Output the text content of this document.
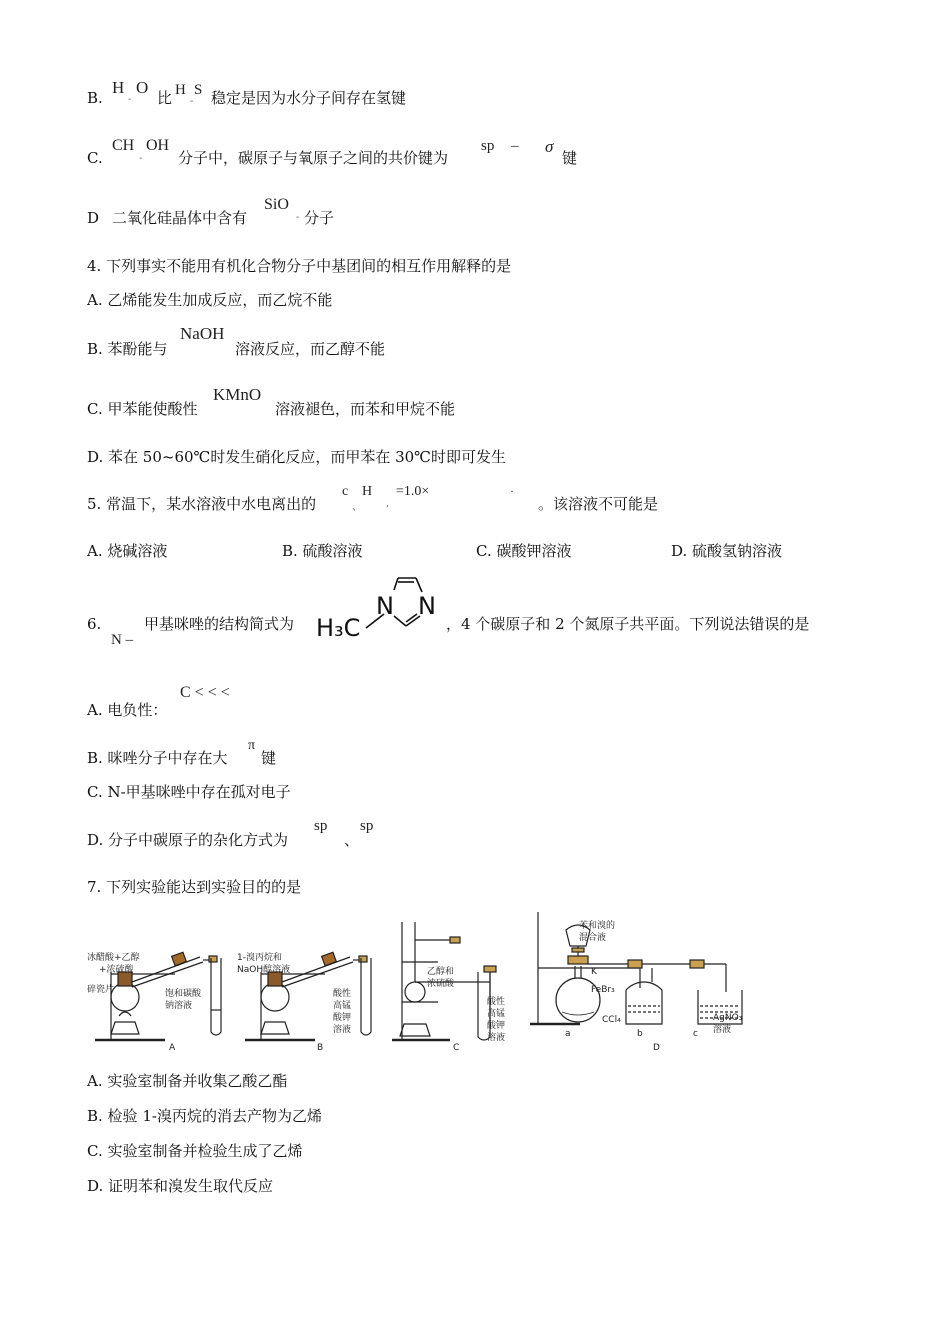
B.
H
-
O
比 H S
- 稳定是因为水分子间存在氢键
C.
CH
-
OH
分子中，碳原子与氧原子之间的共价键为
sp – σ
键
D 二氧化硅晶体中含有
SiO
- 分子
4. 下列事实不能用有机化合物分子中基团间的相互作用解释的是
A. 乙烯能发生加成反应，而乙烷不能
B. 苯酚能与
NaOH
溶液反应，而乙醇不能
C. 甲苯能使酸性
KMnO
溶液褪色，而苯和甲烷不能
D. 苯在 50~60℃时发生硝化反应，而甲苯在 30℃时即可发生
5. 常温下，某水溶液中水电离出的
c
、
H
,
=1.0×	·
。该溶液不可能是
A. 烧碱溶液	B. 硫酸溶液	C. 碳酸钾溶液	D. 硫酸氢钠溶液
6.
N –
甲基咪唑的结构简式为 H₃C
N N
，4 个碳原子和 2 个氮原子共平面。下列说法错误的是
A. 电负性：
C < < <
B. 咪唑分子中存在大
π
键
C. N-甲基咪唑中存在孤对电子
D. 分子中碳原子的杂化方式为
sp
、
sp
7. 下列实验能达到实验目的的是
冰醋酸+乙醇
+浓硫酸
碎瓷片	饱和碳酸
钠溶液
A
1-溴丙烷和
NaOH醇溶液
酸性
高锰
酸钾
溶液
B
乙醇和
浓硫酸
酸性
高锰
酸钾
溶液
C
苯和溴的
混合液
K
FeBr₃
CCl₄	AgNO₃
溶液
a	b	c
D
A. 实验室制备并收集乙酸乙酯
B. 检验 1-溴丙烷的消去产物为乙烯
C. 实验室制备并检验生成了乙烯
D. 证明苯和溴发生取代反应
